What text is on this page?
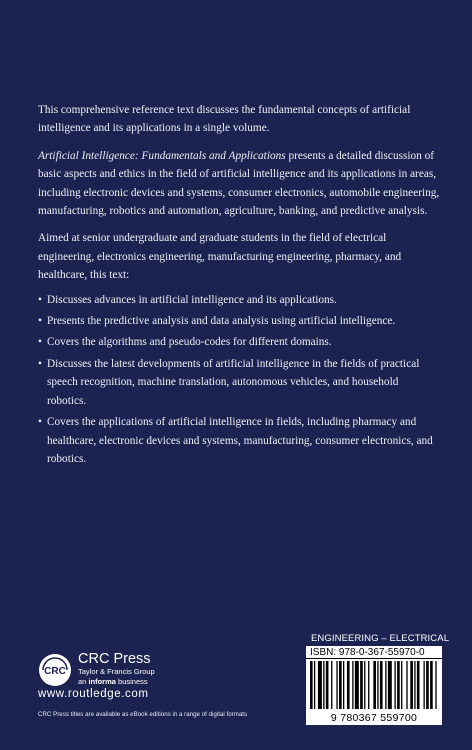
This comprehensive reference text discusses the fundamental concepts of artificial intelligence and its applications in a single volume.

Artificial Intelligence: Fundamentals and Applications presents a detailed discussion of basic aspects and ethics in the field of artificial intelligence and its applications in areas, including electronic devices and systems, consumer electronics, automobile engineering, manufacturing, robotics and automation, agriculture, banking, and predictive analysis.

Aimed at senior undergraduate and graduate students in the field of electrical engineering, electronics engineering, manufacturing engineering, pharmacy, and healthcare, this text:

• Discusses advances in artificial intelligence and its applications.
• Presents the predictive analysis and data analysis using artificial intelligence.
• Covers the algorithms and pseudo-codes for different domains.
• Discusses the latest developments of artificial intelligence in the fields of practical speech recognition, machine translation, autonomous vehicles, and household robotics.
• Covers the applications of artificial intelligence in fields, including pharmacy and healthcare, electronic devices and systems, manufacturing, consumer electronics, and robotics.
ENGINEERING – ELECTRICAL
ISBN: 978-0-367-55970-0
9 780367 559700
CRC
CRC Press
Taylor & Francis Group
an informa business
www.routledge.com
CRC Press titles are available as eBook editions in a range of digital formats
